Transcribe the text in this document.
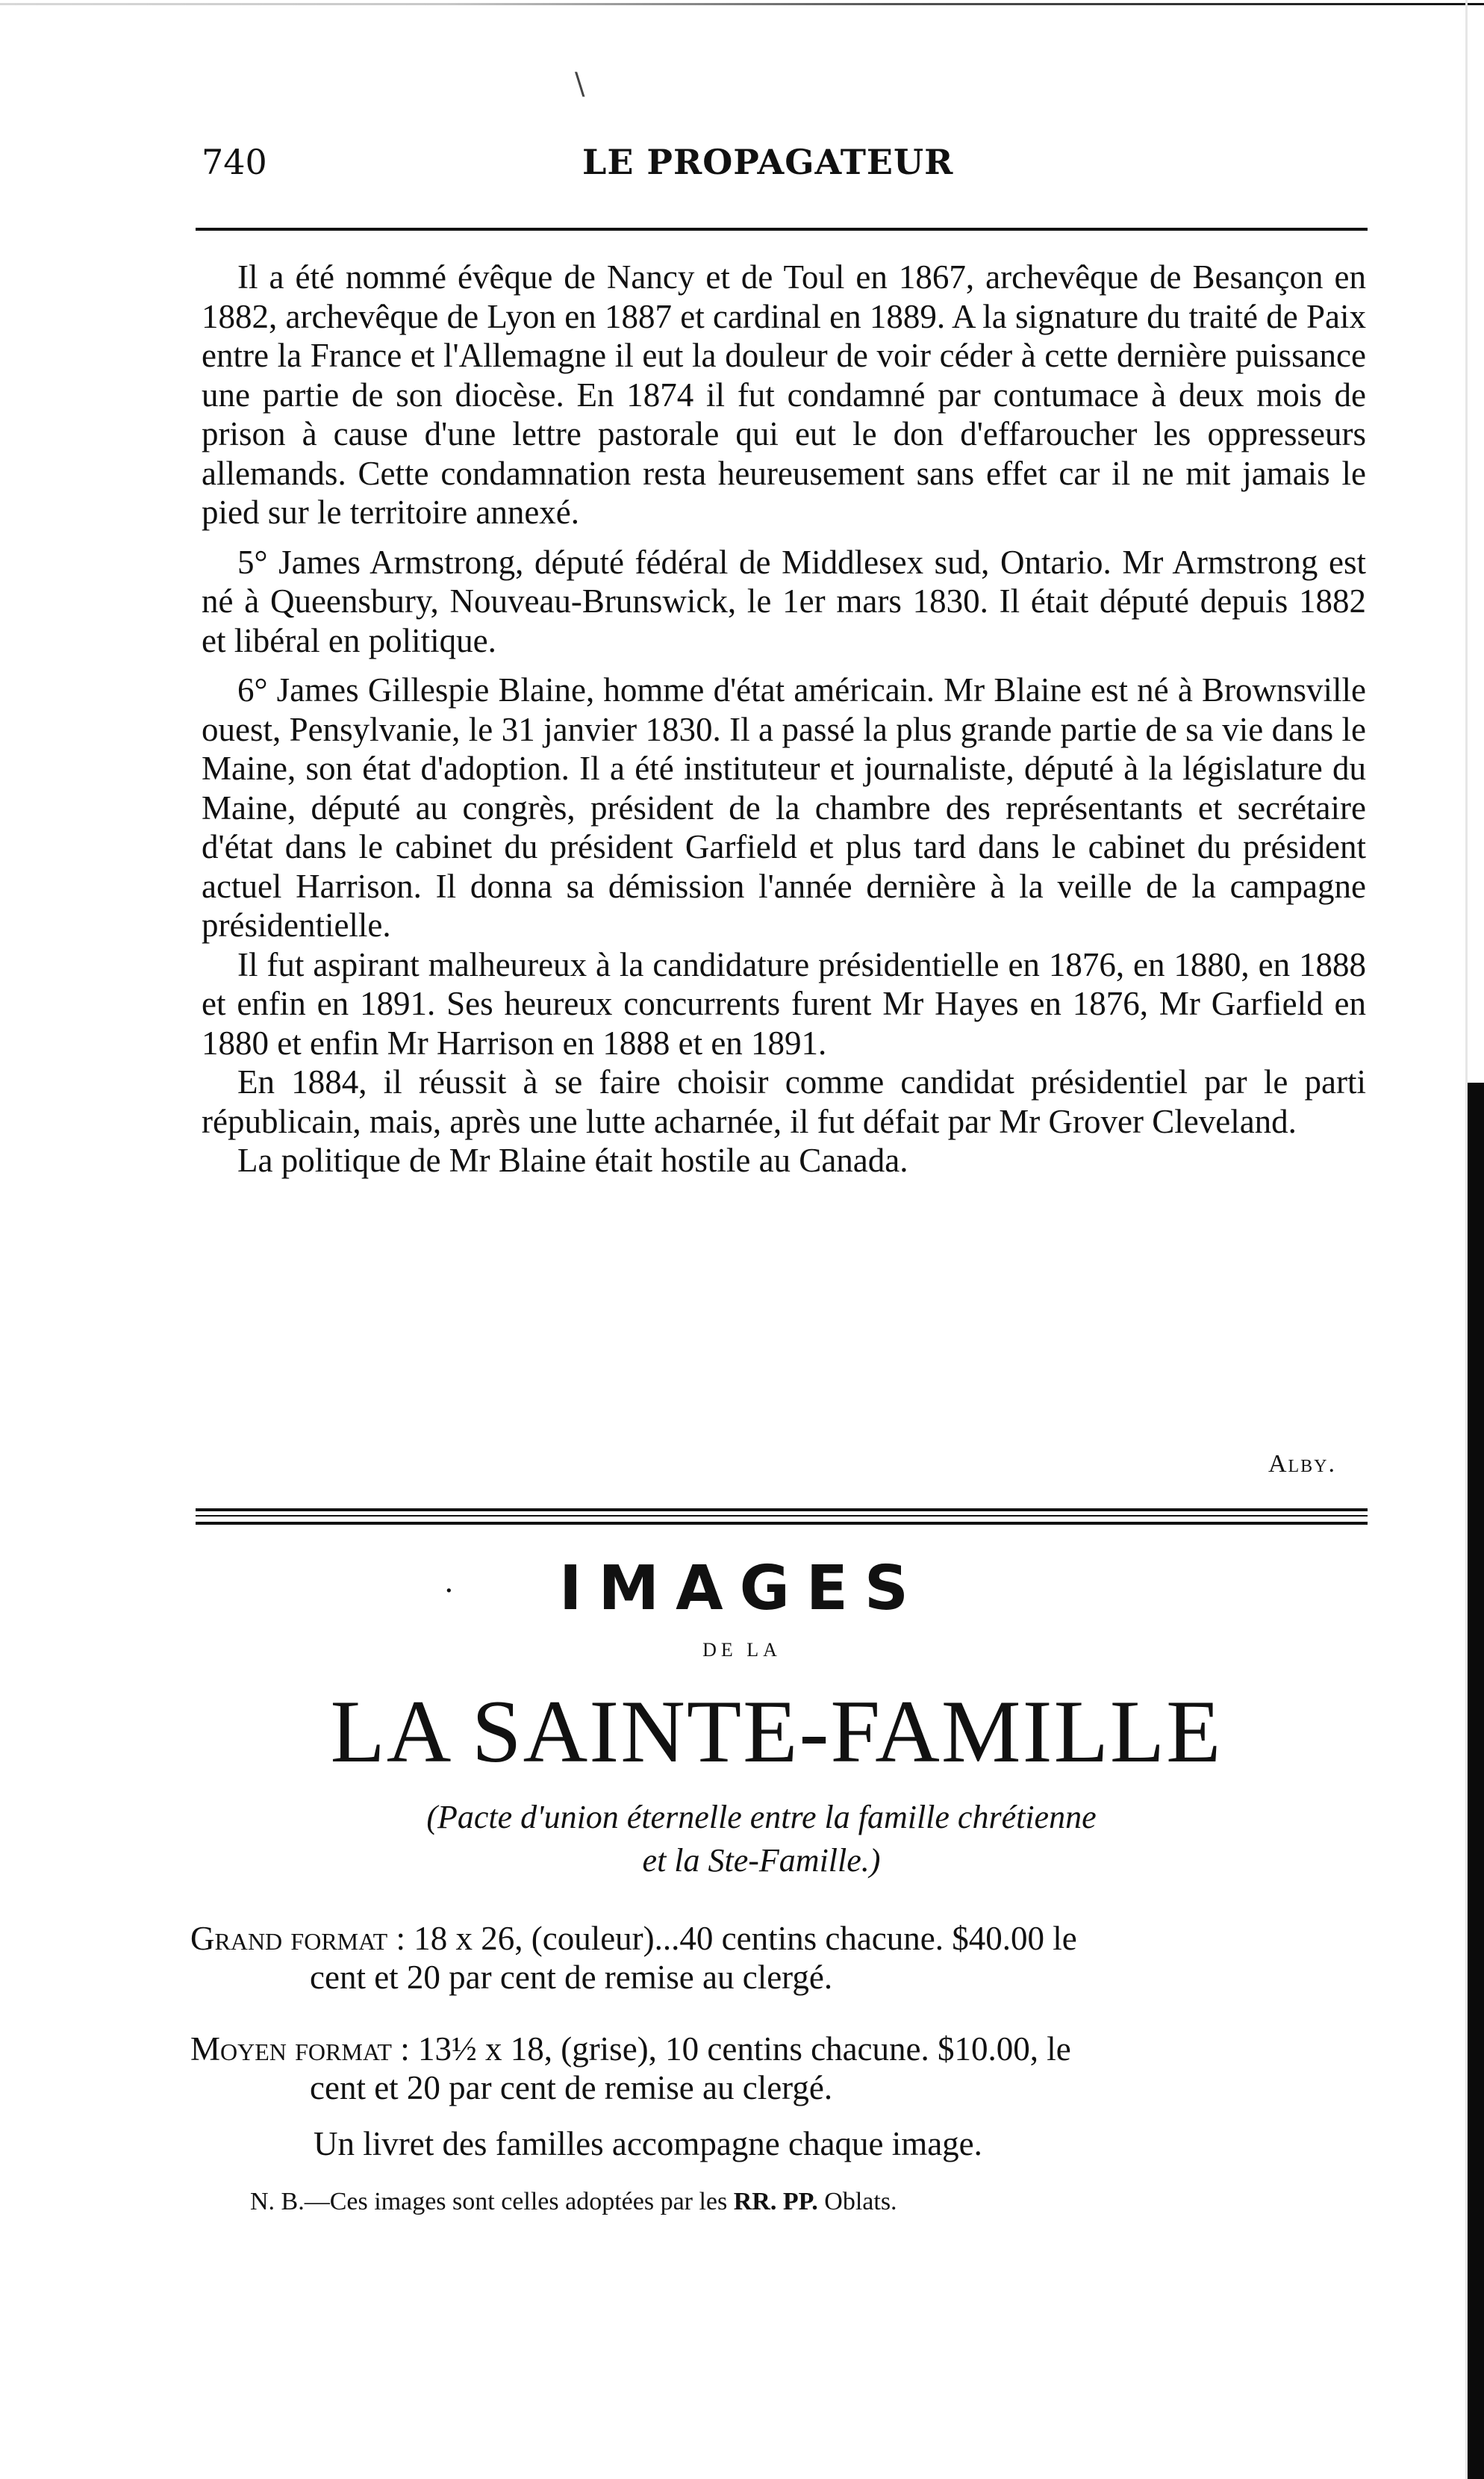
\
740	LE PROPAGATEUR

Il a été nommé évêque de Nancy et de Toul en 1867, archevêque de Besançon en 1882, archevêque de Lyon en 1887 et cardinal en 1889. A la signature du traité de Paix entre la France et l'Allemagne il eut la douleur de voir céder à cette dernière puissance une partie de son diocèse. En 1874 il fut condamné par contumace à deux mois de prison à cause d'une lettre pastorale qui eut le don d'effaroucher les oppresseurs allemands. Cette condamnation resta heureusement sans effet car il ne mit jamais le pied sur le territoire annexé.

5° James Armstrong, député fédéral de Middlesex sud, Ontario. Mr Armstrong est né à Queensbury, Nouveau-Brunswick, le 1er mars 1830. Il était député depuis 1882 et libéral en politique.

6° James Gillespie Blaine, homme d'état américain. Mr Blaine est né à Brownsville ouest, Pensylvanie, le 31 janvier 1830. Il a passé la plus grande partie de sa vie dans le Maine, son état d'adoption. Il a été instituteur et journaliste, député à la législature du Maine, député au congrès, président de la chambre des représentants et secrétaire d'état dans le cabinet du président Garfield et plus tard dans le cabinet du président actuel Harrison. Il donna sa démission l'année dernière à la veille de la campagne présidentielle.

Il fut aspirant malheureux à la candidature présidentielle en 1876, en 1880, en 1888 et enfin en 1891. Ses heureux concurrents furent Mr Hayes en 1876, Mr Garfield en 1880 et enfin Mr Harrison en 1888 et en 1891.

En 1884, il réussit à se faire choisir comme candidat présidentiel par le parti républicain, mais, après une lutte acharnée, il fut défait par Mr Grover Cleveland.

La politique de Mr Blaine était hostile au Canada.

Alby.
·	IMAGES
DE LA
LA SAINTE-FAMILLE
(Pacte d'union éternelle entre la famille chrétienne
et la Ste-Famille.)
Grand format : 18 x 26, (couleur)...40 centins chacune. $40.00 le
cent et 20 par cent de remise au clergé.
Moyen format : 13½ x 18, (grise), 10 centins chacune. $10.00, le
cent et 20 par cent de remise au clergé.
Un livret des familles accompagne chaque image.
N. B.—Ces images sont celles adoptées par les RR. PP. Oblats.
